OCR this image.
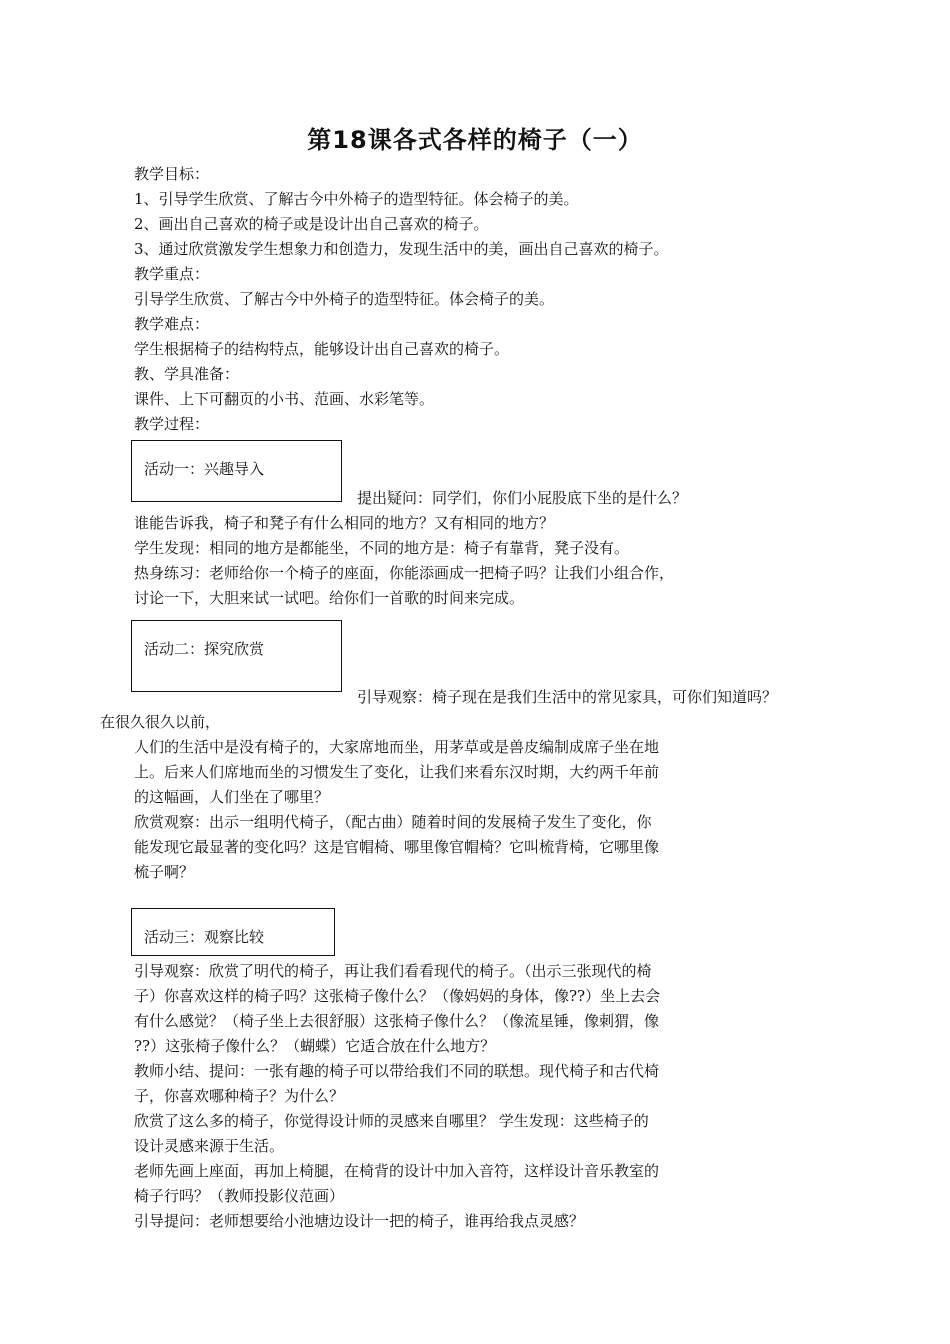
第18课各式各样的椅子（一）
教学目标：
1、引导学生欣赏、了解古今中外椅子的造型特征。体会椅子的美。
2、画出自己喜欢的椅子或是设计出自己喜欢的椅子。
3、通过欣赏激发学生想象力和创造力，发现生活中的美，画出自己喜欢的椅子。
教学重点：
引导学生欣赏、了解古今中外椅子的造型特征。体会椅子的美。
教学难点：
学生根据椅子的结构特点，能够设计出自己喜欢的椅子。
教、学具准备：
课件、上下可翻页的小书、范画、水彩笔等。
教学过程：
活动一：兴趣导入
提出疑问：同学们，你们小屁股底下坐的是什么？
谁能告诉我，椅子和凳子有什么相同的地方？又有相同的地方？
学生发现：相同的地方是都能坐，不同的地方是：椅子有靠背，凳子没有。
热身练习：老师给你一个椅子的座面，你能添画成一把椅子吗？让我们小组合作，
讨论一下，大胆来试一试吧。给你们一首歌的时间来完成。
活动二：探究欣赏
引导观察：椅子现在是我们生活中的常见家具，可你们知道吗？
在很久很久以前，
人们的生活中是没有椅子的，大家席地而坐，用茅草或是兽皮编制成席子坐在地
上。后来人们席地而坐的习惯发生了变化，让我们来看东汉时期，大约两千年前
的这幅画，人们坐在了哪里？
欣赏观察：出示一组明代椅子，（配古曲）随着时间的发展椅子发生了变化，你
能发现它最显著的变化吗？这是官帽椅、哪里像官帽椅？它叫梳背椅，它哪里像
梳子啊？
活动三：观察比较
引导观察：欣赏了明代的椅子，再让我们看看现代的椅子。（出示三张现代的椅
子）你喜欢这样的椅子吗？这张椅子像什么？（像妈妈的身体，像??）坐上去会
有什么感觉？（椅子坐上去很舒服）这张椅子像什么？（像流星锤，像刺猬，像
??）这张椅子像什么？（蝴蝶）它适合放在什么地方？
教师小结、提问：一张有趣的椅子可以带给我们不同的联想。现代椅子和古代椅
子，你喜欢哪种椅子？为什么？
欣赏了这么多的椅子，你觉得设计师的灵感来自哪里？ 学生发现：这些椅子的
设计灵感来源于生活。
老师先画上座面，再加上椅腿，在椅背的设计中加入音符，这样设计音乐教室的
椅子行吗？（教师投影仪范画）
引导提问：老师想要给小池塘边设计一把的椅子，谁再给我点灵感？
